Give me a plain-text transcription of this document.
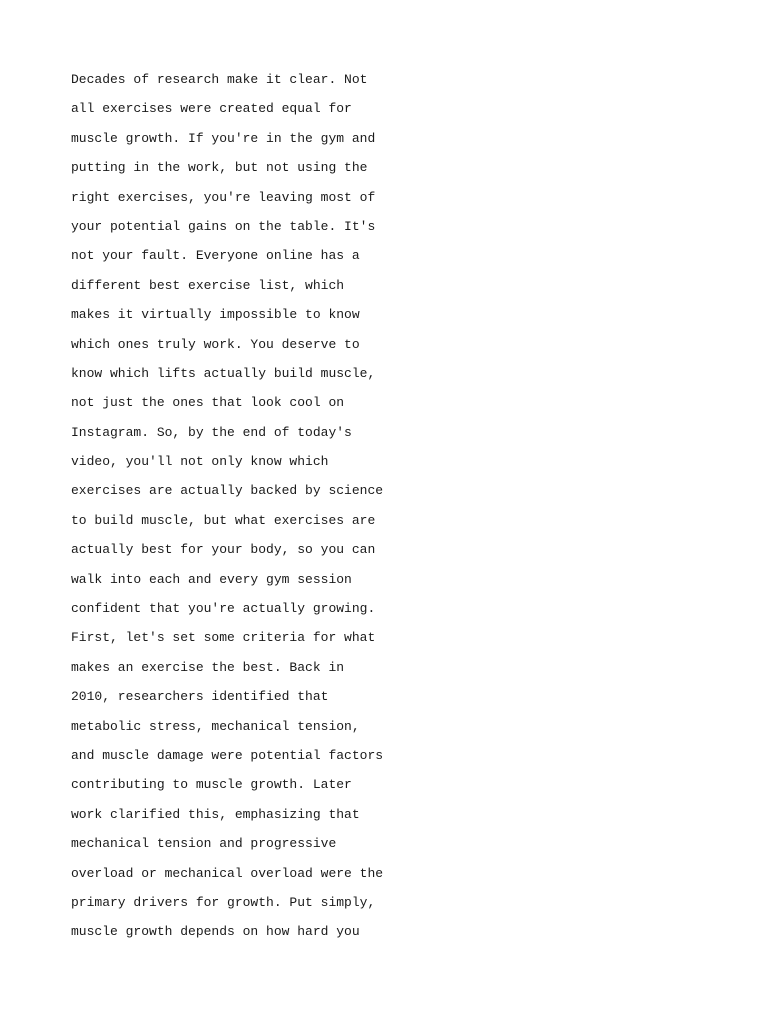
Decades of research make it clear. Not
all exercises were created equal for
muscle growth. If you're in the gym and
putting in the work, but not using the
right exercises, you're leaving most of
your potential gains on the table. It's
not your fault. Everyone online has a
different best exercise list, which
makes it virtually impossible to know
which ones truly work. You deserve to
know which lifts actually build muscle,
not just the ones that look cool on
Instagram. So, by the end of today's
video, you'll not only know which
exercises are actually backed by science
to build muscle, but what exercises are
actually best for your body, so you can
walk into each and every gym session
confident that you're actually growing.
First, let's set some criteria for what
makes an exercise the best. Back in
2010, researchers identified that
metabolic stress, mechanical tension,
and muscle damage were potential factors
contributing to muscle growth. Later
work clarified this, emphasizing that
mechanical tension and progressive
overload or mechanical overload were the
primary drivers for growth. Put simply,
muscle growth depends on how hard you
